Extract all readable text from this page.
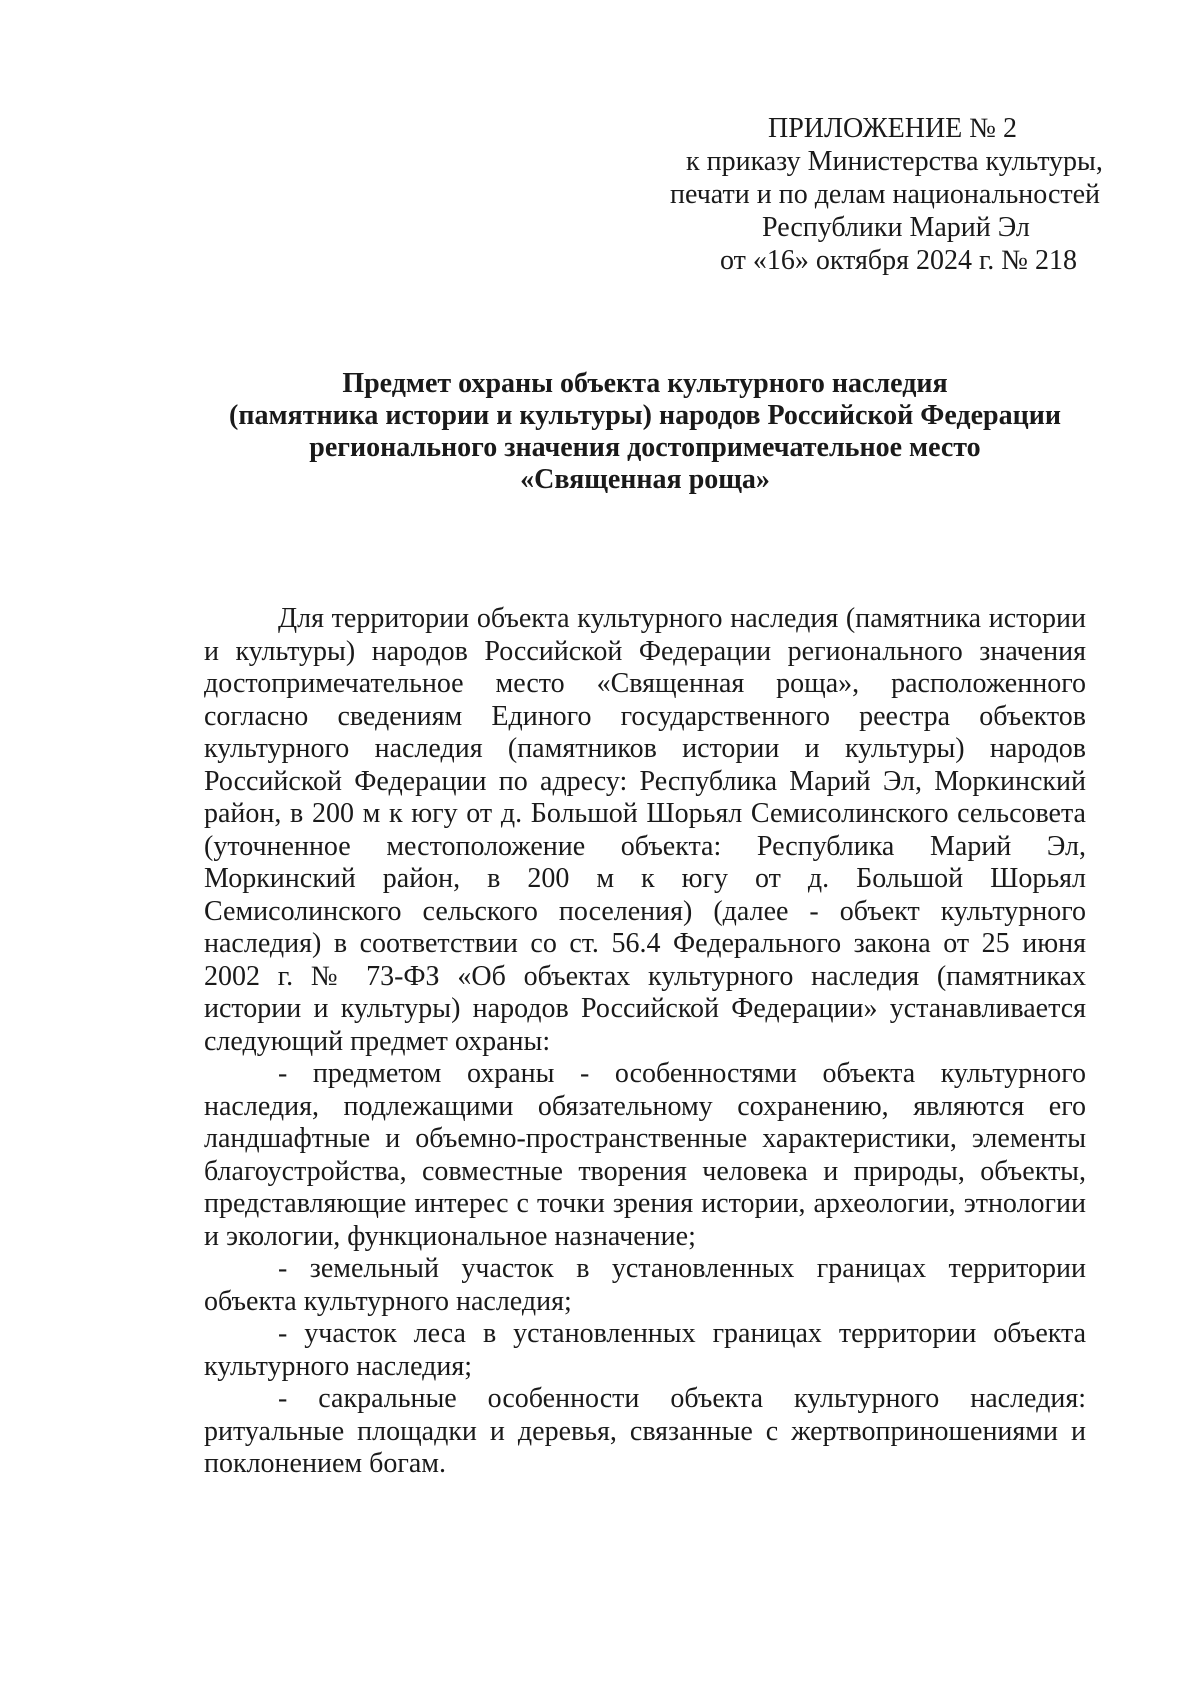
ПРИЛОЖЕНИЕ № 2
к приказу Министерства культуры,
печати и по делам национальностей
Республики Марий Эл
от «16» октября 2024 г. № 218
Предмет охраны объекта культурного наследия
(памятника истории и культуры) народов Российской Федерации
регионального значения достопримечательное место
«Священная роща»

Для территории объекта культурного наследия (памятника истории и культуры) народов Российской Федерации регионального значения достопримечательное место «Священная роща», расположенного согласно сведениям Единого государственного реестра объектов культурного наследия (памятников истории и культуры) народов Российской Федерации по адресу: Республика Марий Эл, Моркинский район, в 200 м к югу от д. Большой Шорьял Семисолинского сельсовета (уточненное местоположение объекта: Республика Марий Эл, Моркинский район, в 200 м к югу от д. Большой Шорьял Семисолинского сельского поселения) (далее - объект культурного наследия) в соответствии со ст. 56.4 Федерального закона от 25 июня 2002 г. № 73-ФЗ «Об объектах культурного наследия (памятниках истории и культуры) народов Российской Федерации» устанавливается следующий предмет охраны:

- предметом охраны - особенностями объекта культурного наследия, подлежащими обязательному сохранению, являются его ландшафтные и объемно-пространственные характеристики, элементы благоустройства, совместные творения человека и природы, объекты, представляющие интерес с точки зрения истории, археологии, этнологии и экологии, функциональное назначение;

- земельный участок в установленных границах территории объекта культурного наследия;

- участок леса в установленных границах территории объекта культурного наследия;

- сакральные особенности объекта культурного наследия: ритуальные площадки и деревья, связанные с жертвоприношениями и поклонением богам.
